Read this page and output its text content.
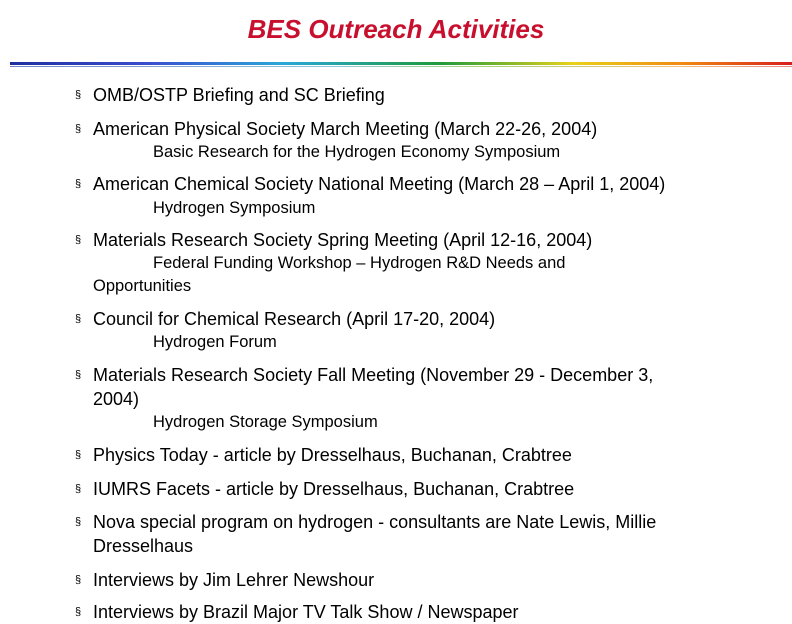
BES Outreach Activities
§ OMB/OSTP Briefing and SC Briefing
§ American Physical Society March Meeting (March 22-26, 2004)
Basic Research for the Hydrogen Economy Symposium
§ American Chemical Society National Meeting (March 28 – April 1, 2004)
Hydrogen Symposium
§ Materials Research Society Spring Meeting (April 12-16, 2004)
Federal Funding Workshop – Hydrogen R&D Needs and
Opportunities
§ Council for Chemical Research (April 17-20, 2004)
Hydrogen Forum
§ Materials Research Society Fall Meeting (November 29 - December 3,
2004)
Hydrogen Storage Symposium
§ Physics Today - article by Dresselhaus, Buchanan, Crabtree
§ IUMRS Facets - article by Dresselhaus, Buchanan, Crabtree
§ Nova special program on hydrogen - consultants are Nate Lewis, Millie
Dresselhaus
§ Interviews by Jim Lehrer Newshour
§ Interviews by Brazil Major TV Talk Show / Newspaper
